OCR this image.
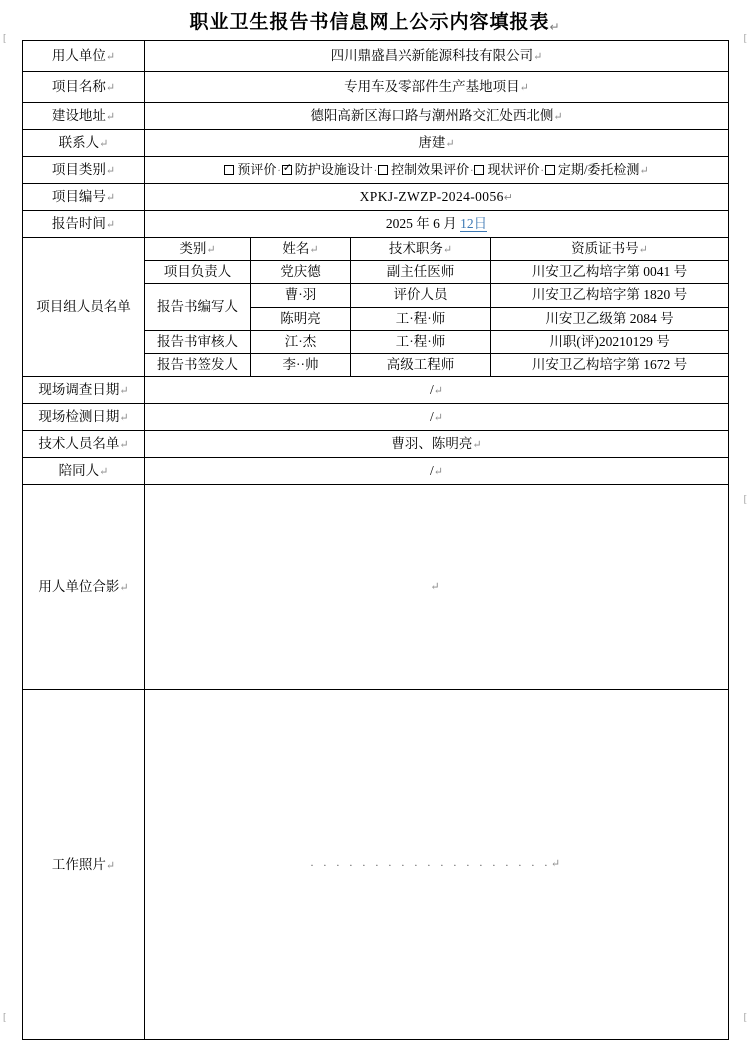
[
[
[
[
[
职业卫生报告书信息网上公示内容填报表↵
用人单位↵	四川鼎盛昌兴新能源科技有限公司↵			
项目名称↵	专用车及零部件生产基地项目↵			
建设地址↵	德阳高新区海口路与潮州路交汇处西北侧↵			
联系人↵	唐建↵			
项目类别↵	预评价· ✓ 防护设施设计· 控制效果评价· 现状评价· 定期/委托检测↵
项目编号↵	XPKJ-ZWZP-2024-0056↵			
报告时间↵	2025 年 6 月 12日			
项目组人员名单	类别↵	姓名↵	技术职务↵	资质证书号↵
	项目负责人	党庆德	副主任医师	川安卫乙构培字第 0041 号
	报告书编写人	曹·羽	评价人员	川安卫乙构培字第 1820 号
		陈明亮	工·程·师	川安卫乙级第 2084 号
	报告书审核人	江·杰	工·程·师	川职(评)20210129 号
	报告书签发人	李··帅	高级工程师	川安卫乙构培字第 1672 号
现场调查日期↵	/↵			
现场检测日期↵	/↵			
技术人员名单↵	曹羽、陈明亮↵			
陪同人↵	/↵			
用人单位合影↵	↵			

工作照片↵	· · · · · · · · · · · · · · · · · · · ↵			
